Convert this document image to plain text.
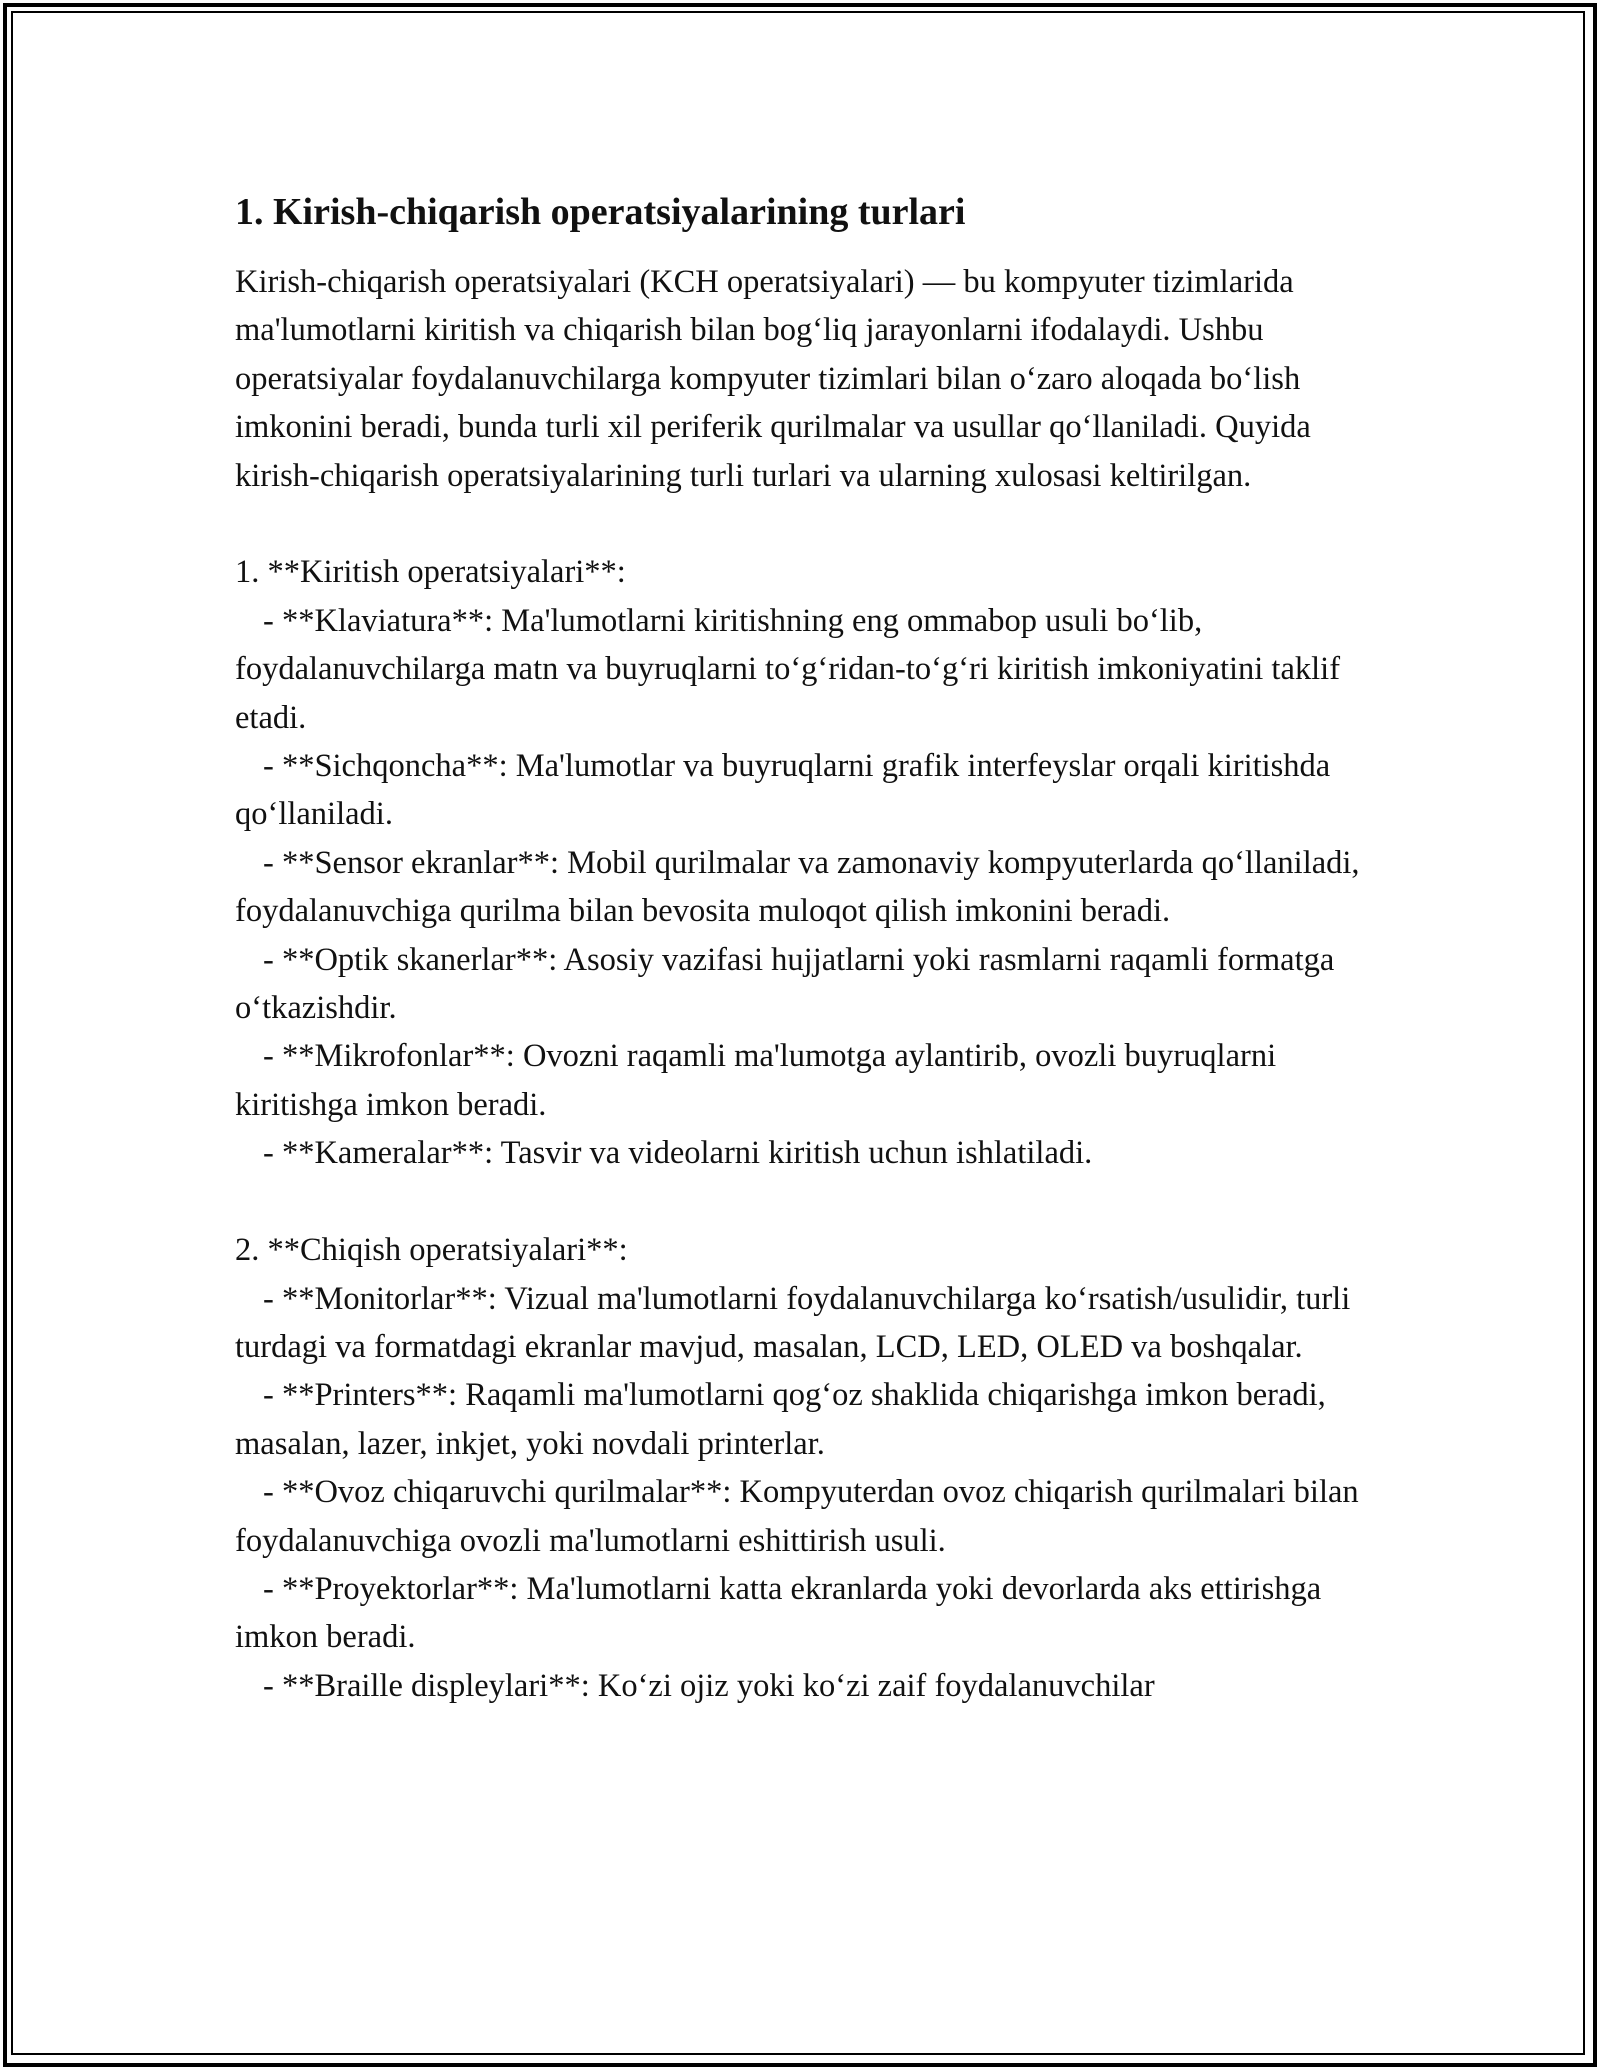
1. Kirish-chiqarish operatsiyalarining turlari

Kirish-chiqarish operatsiyalari (KCH operatsiyalari) — bu kompyuter tizimlarida ma'lumotlarni kiritish va chiqarish bilan bog‘liq jarayonlarni ifodalaydi. Ushbu operatsiyalar foydalanuvchilarga kompyuter tizimlari bilan o‘zaro aloqada bo‘lish imkonini beradi, bunda turli xil periferik qurilmalar va usullar qo‘llaniladi. Quyida kirish-chiqarish operatsiyalarining turli turlari va ularning xulosasi keltirilgan.

1. **Kiritish operatsiyalari**:

- **Klaviatura**: Ma'lumotlarni kiritishning eng ommabop usuli bo‘lib, foydalanuvchilarga matn va buyruqlarni to‘g‘ridan-to‘g‘ri kiritish imkoniyatini taklif etadi.

- **Sichqoncha**: Ma'lumotlar va buyruqlarni grafik interfeyslar orqali kiritishda qo‘llaniladi.

- **Sensor ekranlar**: Mobil qurilmalar va zamonaviy kompyuterlarda qo‘llaniladi, foydalanuvchiga qurilma bilan bevosita muloqot qilish imkonini beradi.

- **Optik skanerlar**: Asosiy vazifasi hujjatlarni yoki rasmlarni raqamli formatga o‘tkazishdir.

- **Mikrofonlar**: Ovozni raqamli ma'lumotga aylantirib, ovozli buyruqlarni kiritishga imkon beradi.

- **Kameralar**: Tasvir va videolarni kiritish uchun ishlatiladi.

2. **Chiqish operatsiyalari**:

- **Monitorlar**: Vizual ma'lumotlarni foydalanuvchilarga ko‘rsatish/usulidir, turli turdagi va formatdagi ekranlar mavjud, masalan, LCD, LED, OLED va boshqalar.

- **Printers**: Raqamli ma'lumotlarni qog‘oz shaklida chiqarishga imkon beradi, masalan, lazer, inkjet, yoki novdali printerlar.

- **Ovoz chiqaruvchi qurilmalar**: Kompyuterdan ovoz chiqarish qurilmalari bilan foydalanuvchiga ovozli ma'lumotlarni eshittirish usuli.

- **Proyektorlar**: Ma'lumotlarni katta ekranlarda yoki devorlarda aks ettirishga imkon beradi.

- **Braille displeylari**: Ko‘zi ojiz yoki ko‘zi zaif foydalanuvchilar
